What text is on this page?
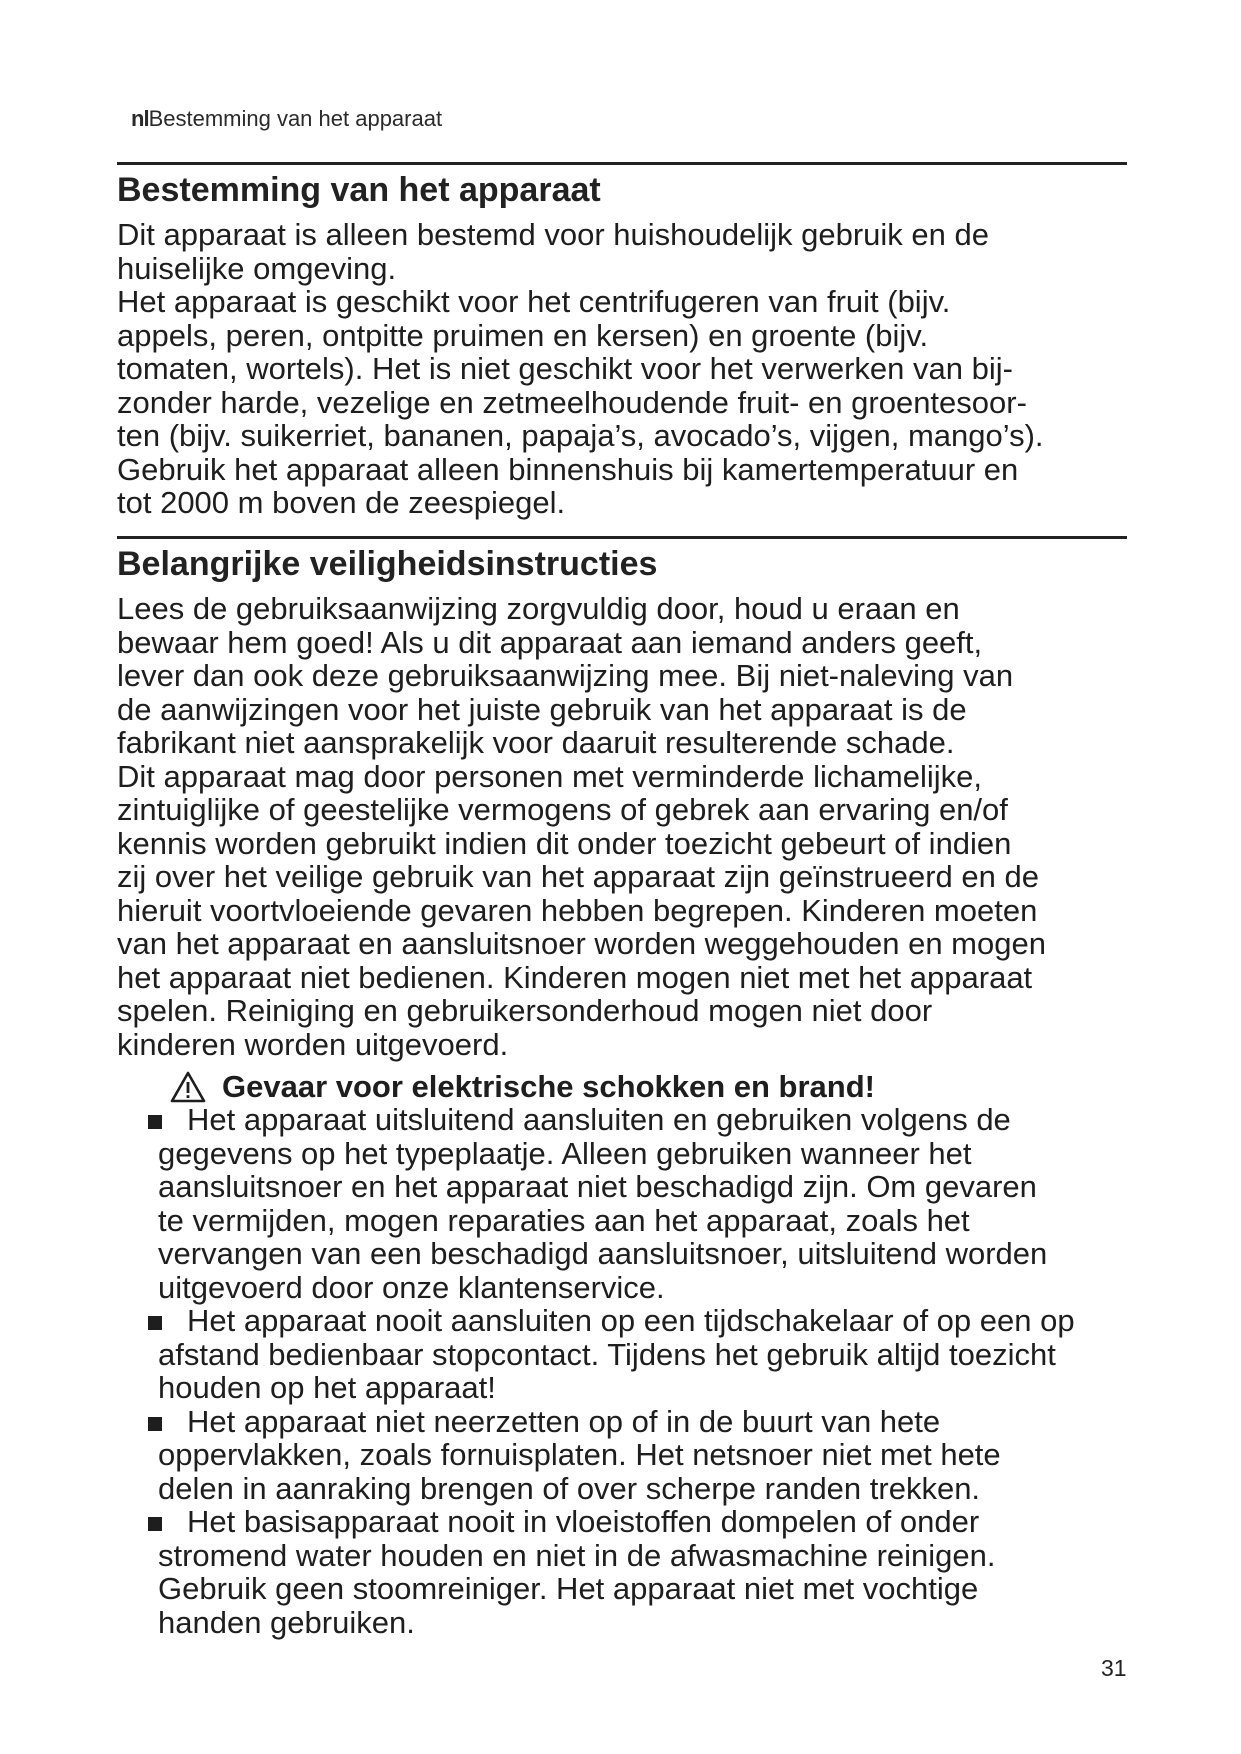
nlBestemming van het apparaat
Bestemming van het apparaat
Dit apparaat is alleen bestemd voor huishoudelijk gebruik en de
huiselijke omgeving.
Het apparaat is geschikt voor het centrifugeren van fruit (bijv.
appels, peren, ontpitte pruimen en kersen) en groente (bijv.
tomaten, wortels). Het is niet geschikt voor het verwerken van bij-
zonder harde, vezelige en zetmeelhoudende fruit- en groentesoor-
ten (bijv. suikerriet, bananen, papaja’s, avocado’s, vijgen, mango’s).
Gebruik het apparaat alleen binnenshuis bij kamertemperatuur en
tot 2000 m boven de zeespiegel.
Belangrijke veiligheidsinstructies
Lees de gebruiksaanwijzing zorgvuldig door, houd u eraan en
bewaar hem goed! Als u dit apparaat aan iemand anders geeft,
lever dan ook deze gebruiksaanwijzing mee. Bij niet-naleving van
de aanwijzingen voor het juiste gebruik van het apparaat is de
fabrikant niet aansprakelijk voor daaruit resulterende schade.
Dit apparaat mag door personen met verminderde lichamelijke,
zintuiglijke of geestelijke vermogens of gebrek aan ervaring en/of
kennis worden gebruikt indien dit onder toezicht gebeurt of indien
zij over het veilige gebruik van het apparaat zijn geïnstrueerd en de
hieruit voortvloeiende gevaren hebben begrepen. Kinderen moeten
van het apparaat en aansluitsnoer worden weggehouden en mogen
het apparaat niet bedienen. Kinderen mogen niet met het apparaat
spelen. Reiniging en gebruikersonderhoud mogen niet door
kinderen worden uitgevoerd.
Gevaar voor elektrische schokken en brand!
Het apparaat uitsluitend aansluiten en gebruiken volgens de
gegevens op het typeplaatje. Alleen gebruiken wanneer het
aansluitsnoer en het apparaat niet beschadigd zijn. Om gevaren
te vermijden, mogen reparaties aan het apparaat, zoals het
vervangen van een beschadigd aansluitsnoer, uitsluitend worden
uitgevoerd door onze klantenservice.
Het apparaat nooit aansluiten op een tijdschakelaar of op een op
afstand bedienbaar stopcontact. Tijdens het gebruik altijd toezicht
houden op het apparaat!
Het apparaat niet neerzetten op of in de buurt van hete
oppervlakken, zoals fornuisplaten. Het netsnoer niet met hete
delen in aanraking brengen of over scherpe randen trekken.
Het basisapparaat nooit in vloeistoffen dompelen of onder
stromend water houden en niet in de afwasmachine reinigen.
Gebruik geen stoomreiniger. Het apparaat niet met vochtige
handen gebruiken.
31
